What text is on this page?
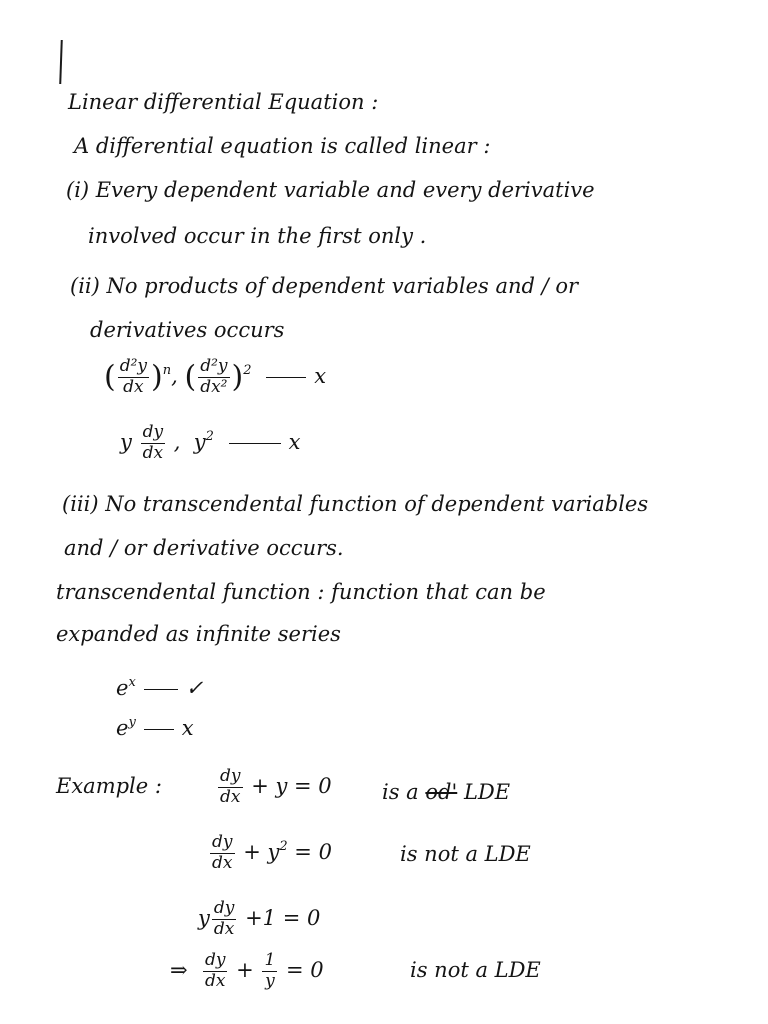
Linear differential Equation :
A differential equation is called linear :
(i) Every dependent variable and every derivative
involved occur in the first only .
(ii) No products of dependent variables and / or
derivatives occurs
( $\frac{\text{d²y}}{dx} )^n$, ( $\frac{\text{d²y}}{\text{dx²}} )^2$	x
y $\frac{dy}{dx}$ ,  $y^2$	x
(iii) No transcendental function of dependent variables
and / or derivative occurs.
transcendental function : function that can be
expanded as infinite series
$e^x$ ✓
$e^y$ x
Example :	$\frac{dy}{dx} + y = 0$ is a od' LDE
$\frac{dy}{dx} + y^2 = 0$	is not a LDE
y $\frac{dy}{dx} +1 = 0$
⇒ $\frac{dy}{dx} + \frac{1}{y} = 0$	is not a LDE
